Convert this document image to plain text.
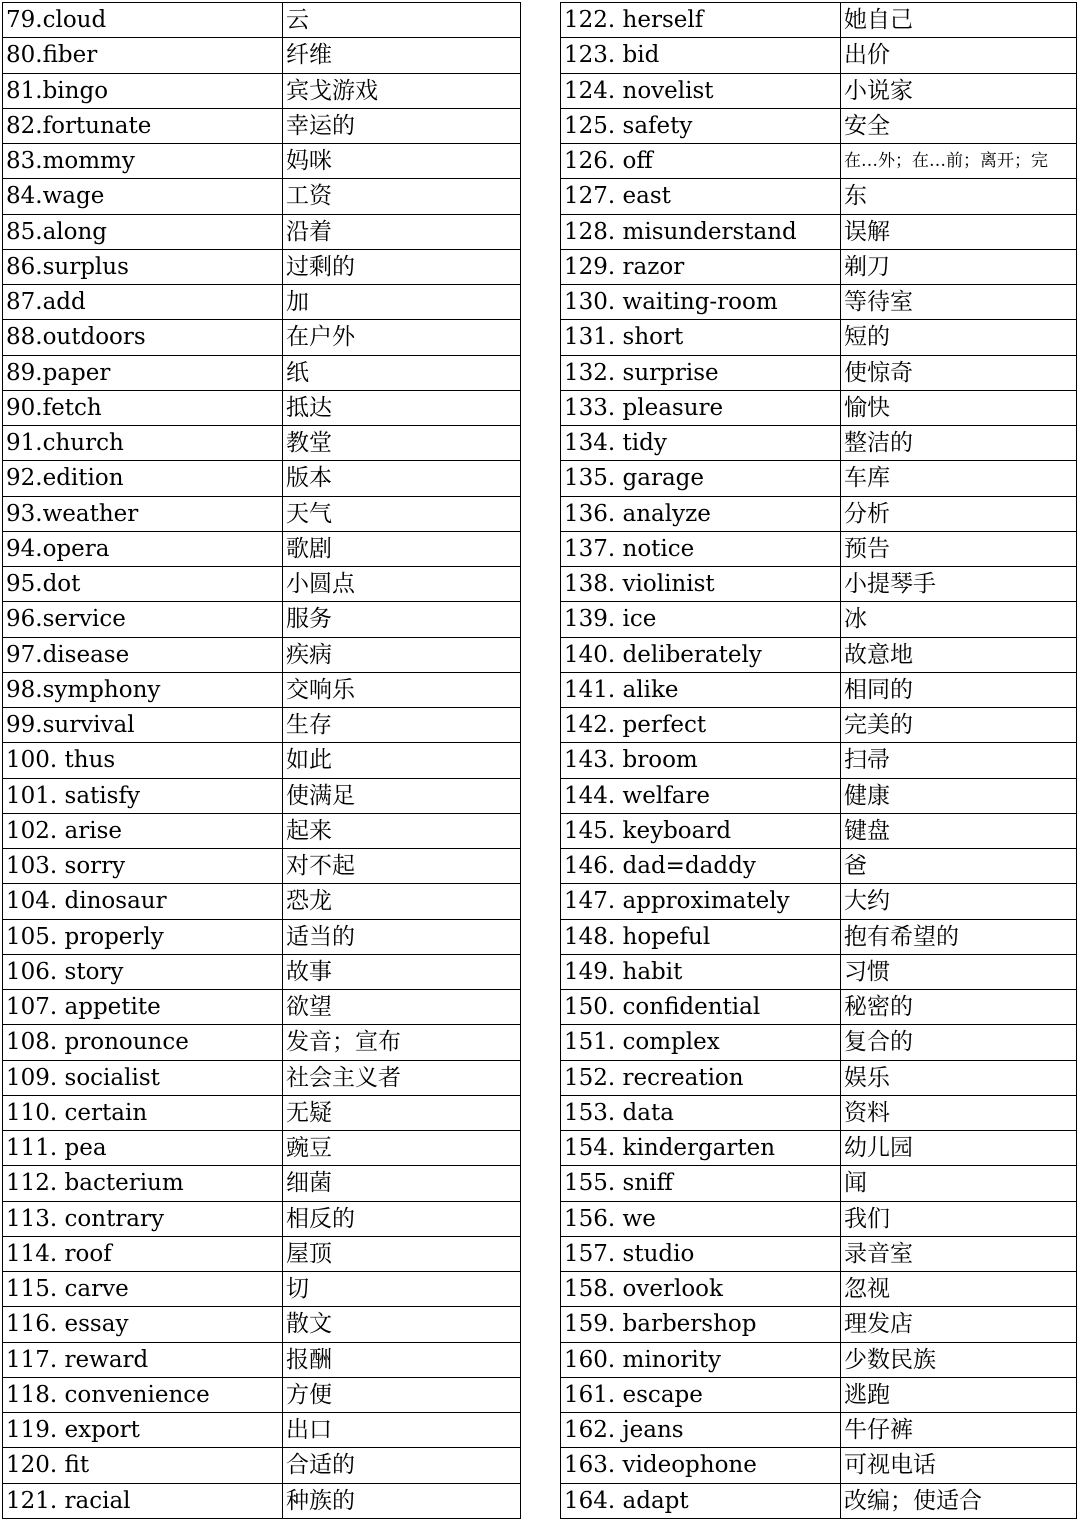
79.cloud	云
80.fiber	纤维
81.bingo	宾戈游戏
82.fortunate	幸运的
83.mommy	妈咪
84.wage	工资
85.along	沿着
86.surplus	过剩的
87.add	加
88.outdoors	在户外
89.paper	纸
90.fetch	抵达
91.church	教堂
92.edition	版本
93.weather	天气
94.opera	歌剧
95.dot	小圆点
96.service	服务
97.disease	疾病
98.symphony	交响乐
99.survival	生存
100. thus	如此
101. satisfy	使满足
102. arise	起来
103. sorry	对不起
104. dinosaur	恐龙
105. properly	适当的
106. story	故事
107. appetite	欲望
108. pronounce	发音；宣布
109. socialist	社会主义者
110. certain	无疑
111. pea	豌豆
112. bacterium	细菌
113. contrary	相反的
114. roof	屋顶
115. carve	切
116. essay	散文
117. reward	报酬
118. convenience	方便
119. export	出口
120. fit	合适的
121. racial	种族的
122. herself	她自己
123. bid	出价
124. novelist	小说家
125. safety	安全
126. off	在…外；在…前；离开；完
127. east	东
128. misunderstand	误解
129. razor	剃刀
130. waiting-room	等待室
131. short	短的
132. surprise	使惊奇
133. pleasure	愉快
134. tidy	整洁的
135. garage	车库
136. analyze	分析
137. notice	预告
138. violinist	小提琴手
139. ice	冰
140. deliberately	故意地
141. alike	相同的
142. perfect	完美的
143. broom	扫帚
144. welfare	健康
145. keyboard	键盘
146. dad=daddy	爸
147. approximately	大约
148. hopeful	抱有希望的
149. habit	习惯
150. confidential	秘密的
151. complex	复合的
152. recreation	娱乐
153. data	资料
154. kindergarten	幼儿园
155. sniff	闻
156. we	我们
157. studio	录音室
158. overlook	忽视
159. barbershop	理发店
160. minority	少数民族
161. escape	逃跑
162. jeans	牛仔裤
163. videophone	可视电话
164. adapt	改编；使适合
